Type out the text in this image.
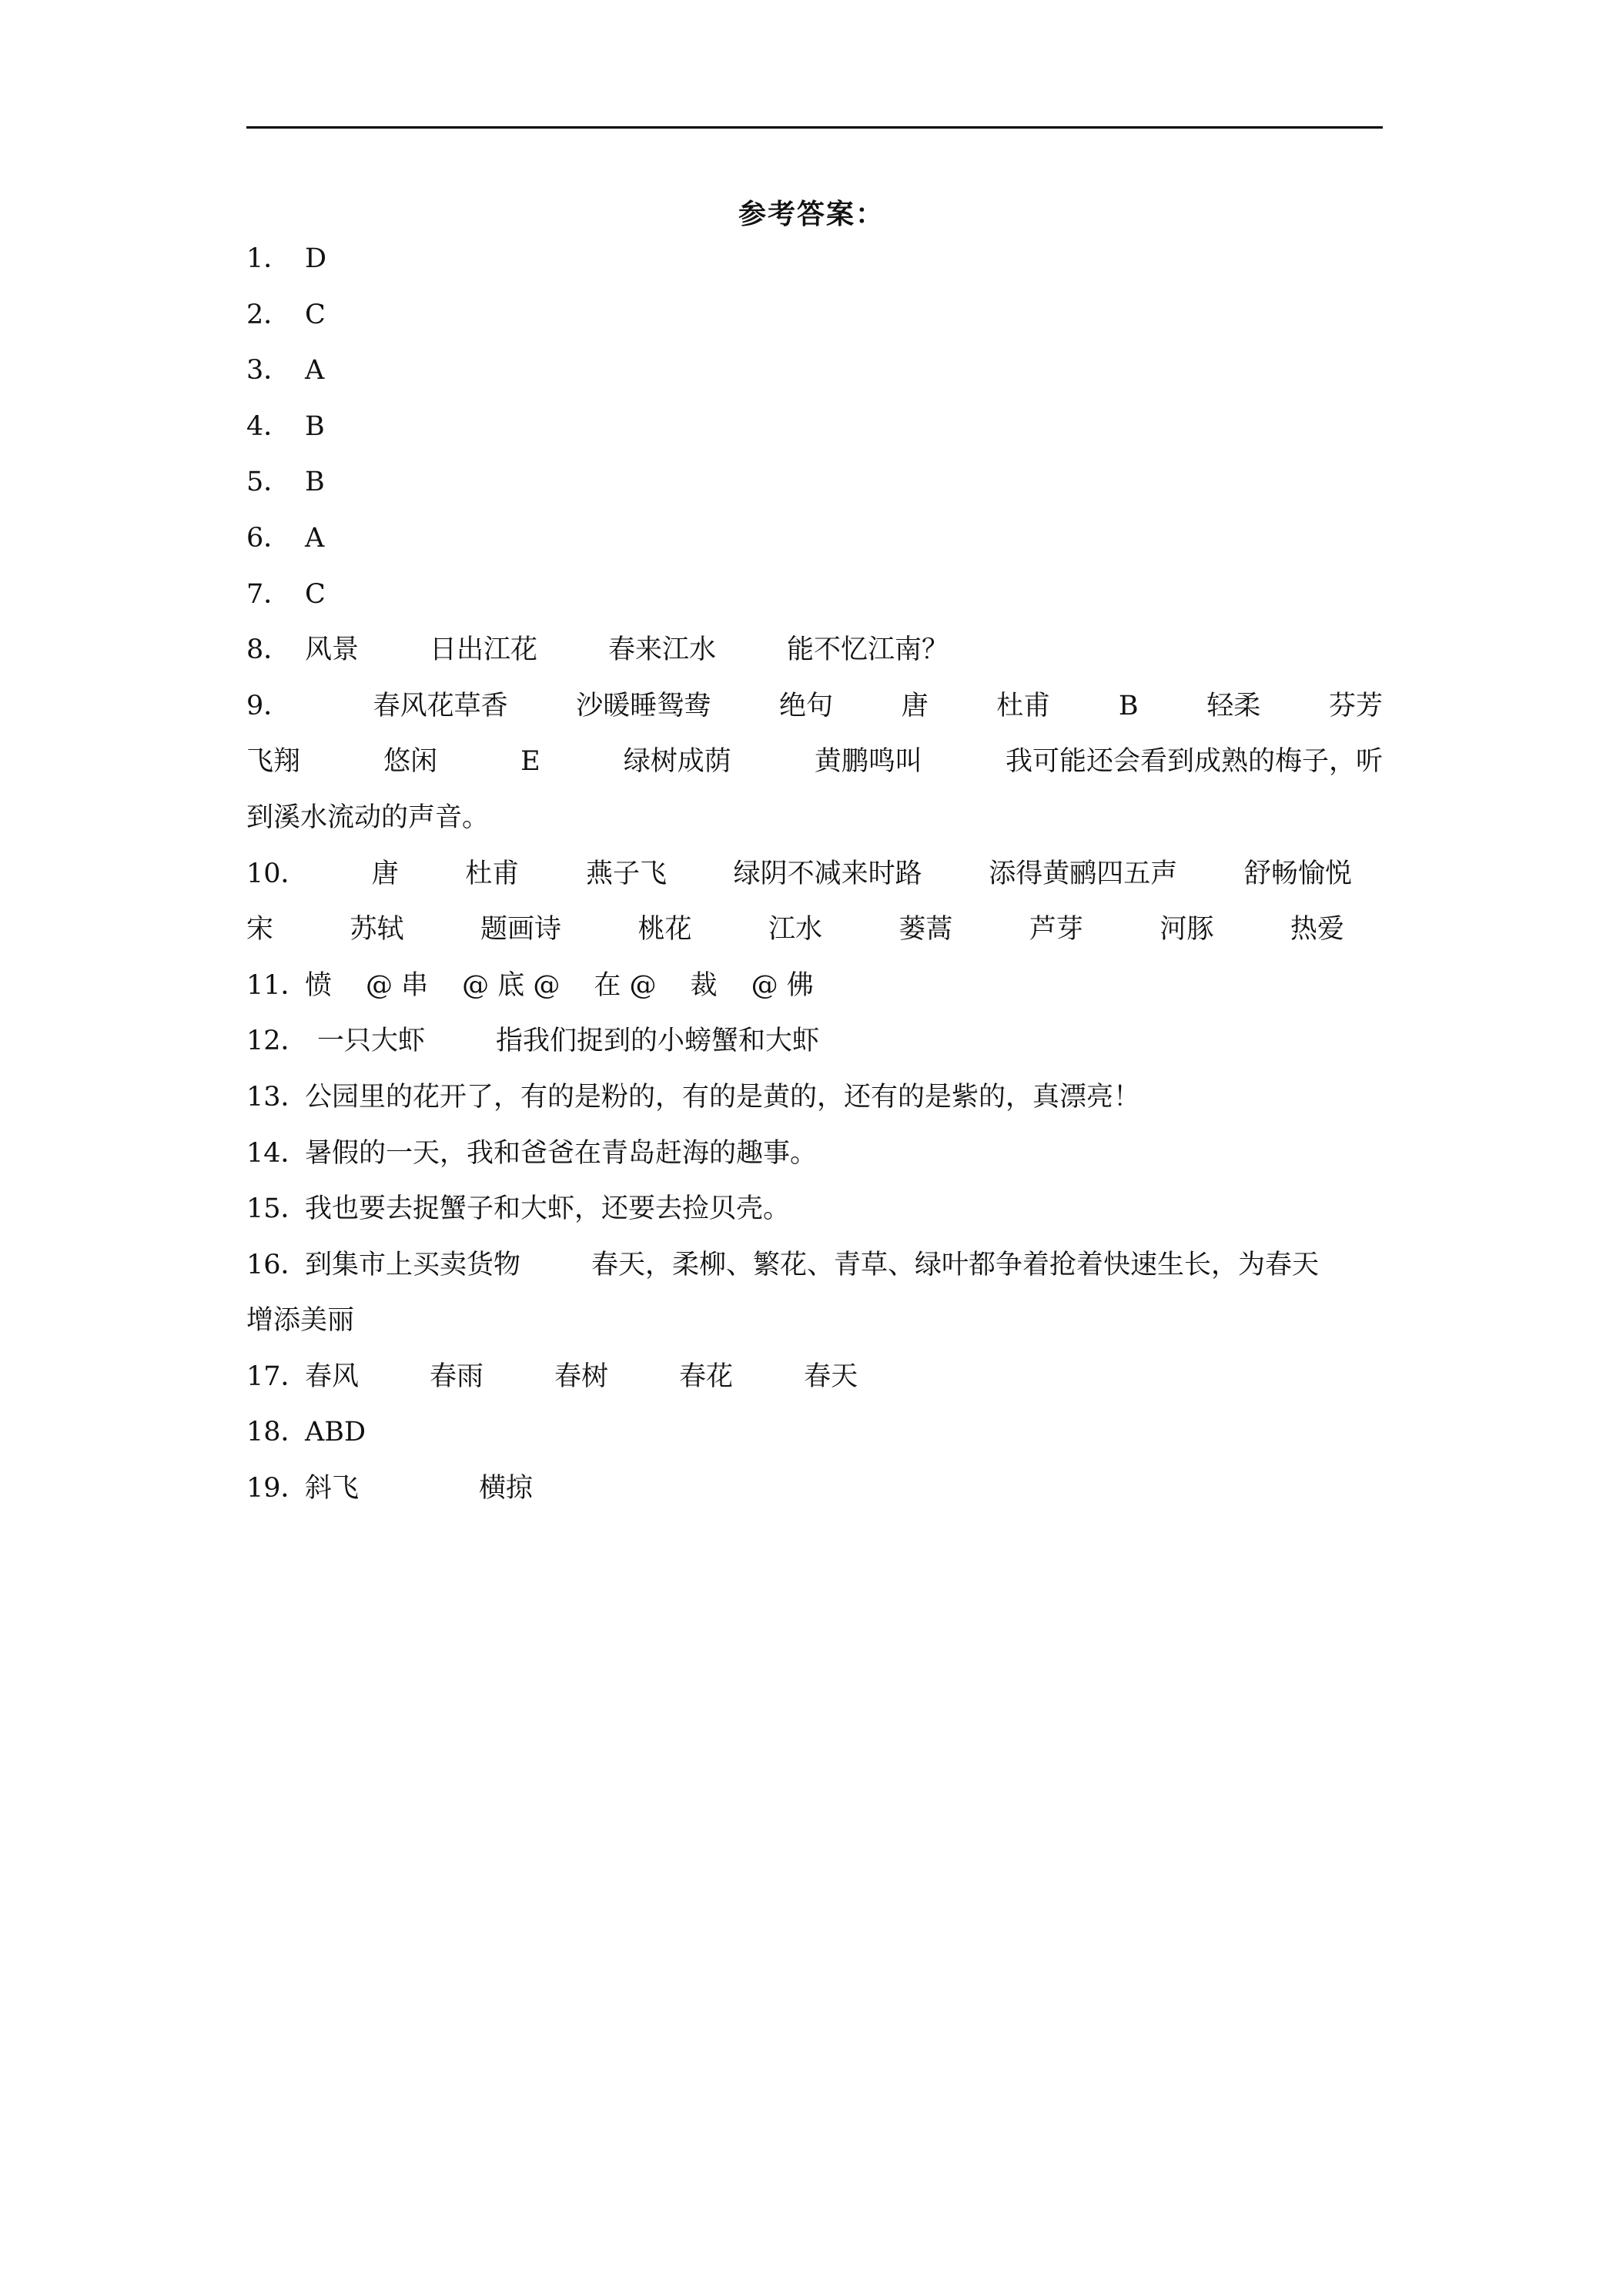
参考答案：
1． D
2． C
3． A
4． B
5． B
6． A
7． C
8． 风景	日出江花	春来江水	能不忆江南？
9．	春风花草香	沙暖睡鸳鸯	绝句	唐	杜甫	B	轻柔	芬芳
飞翔	悠闲	E	绿树成荫	黄鹏鸣叫	我可能还会看到成熟的梅子，听
到溪水流动的声音。
10． 唐 杜甫 燕子飞 绿阴不减来时路 添得黄鹂四五声 舒畅愉悦
宋	苏轼	题画诗	桃花	江水	蒌蒿	芦芽	河豚	热爱
11．愤 @ 串 @ 底 @ 在 @ 裁 @ 佛
12． 一只大虾	指我们捉到的小螃蟹和大虾
13．公园里的花开了，有的是粉的，有的是黄的，还有的是紫的，真漂亮！
14．暑假的一天，我和爸爸在青岛赶海的趣事。
15．我也要去捉蟹子和大虾，还要去捡贝壳。
16．到集市上买卖货物	春天，柔柳、繁花、青草、绿叶都争着抢着快速生长，为春天
增添美丽
17．春风	春雨	春树	春花	春天
18．ABD
19．斜飞	横掠
